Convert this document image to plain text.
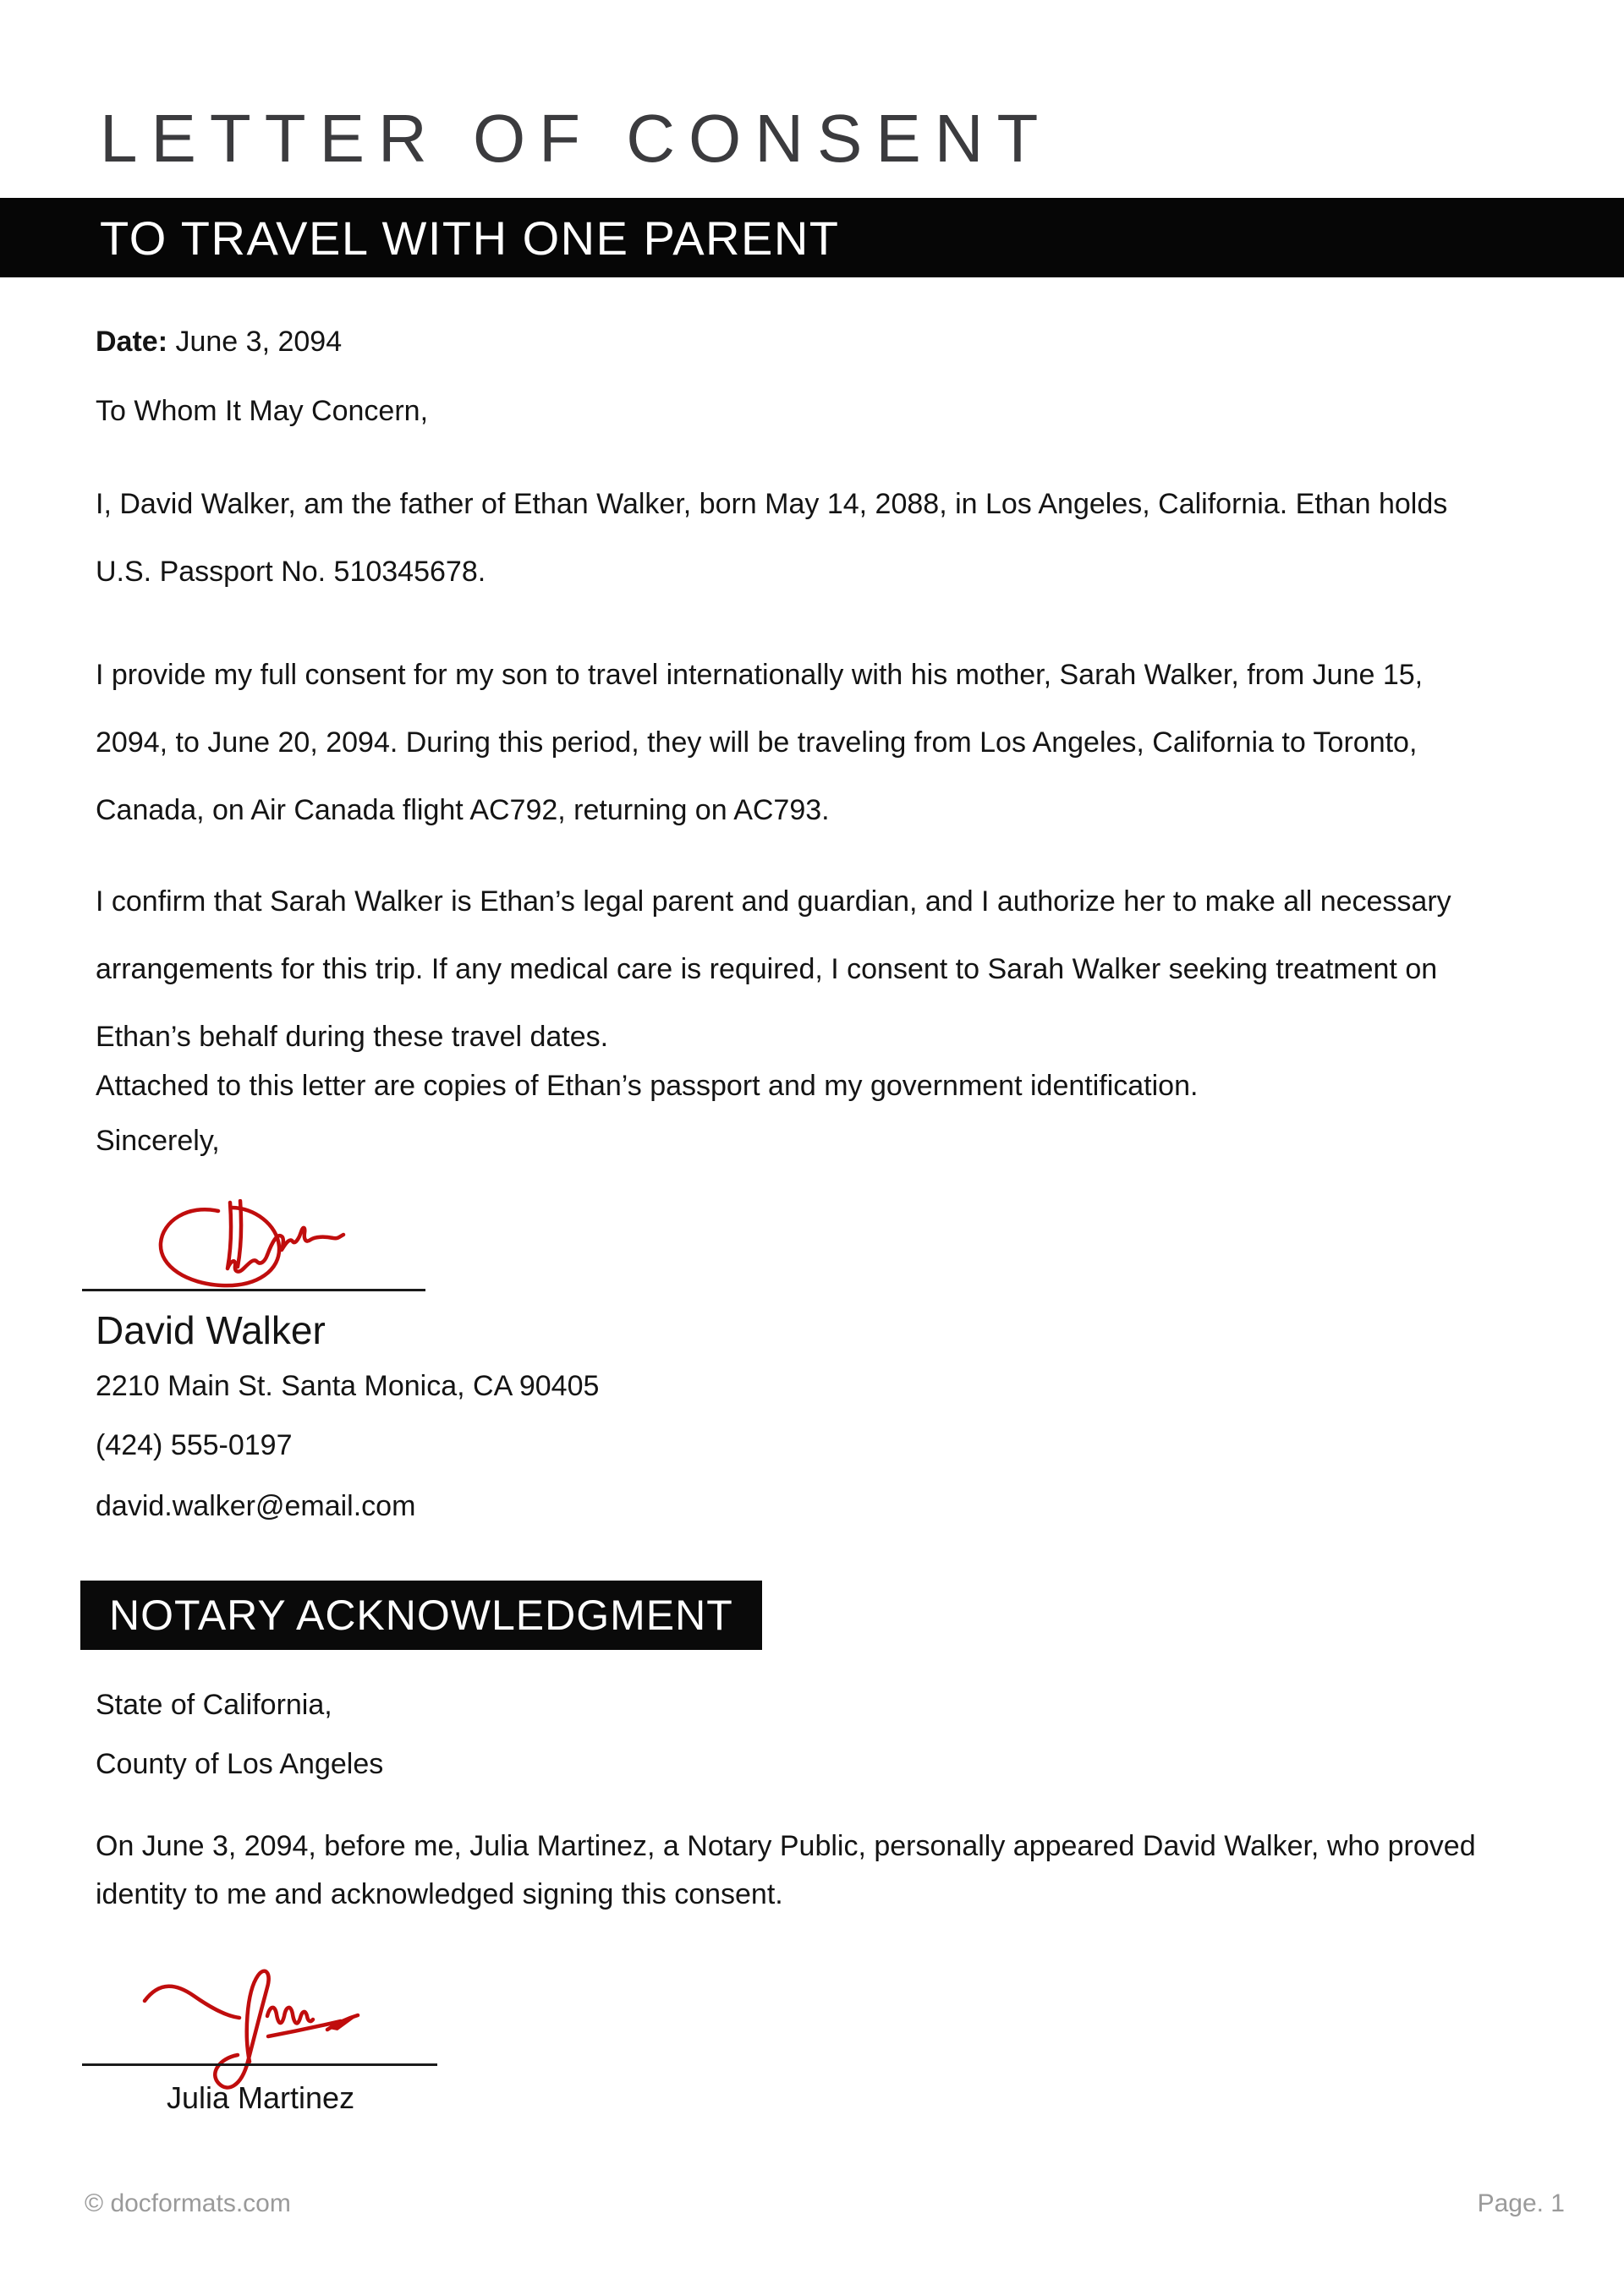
LETTER OF CONSENT
TO TRAVEL WITH ONE PARENT
Date: June 3, 2094
To Whom It May Concern,
I, David Walker, am the father of Ethan Walker, born May 14, 2088, in Los Angeles, California. Ethan holds
U.S. Passport No. 510345678.
I provide my full consent for my son to travel internationally with his mother, Sarah Walker, from June 15,
2094, to June 20, 2094. During this period, they will be traveling from Los Angeles, California to Toronto,
Canada, on Air Canada flight AC792, returning on AC793.
I confirm that Sarah Walker is Ethan’s legal parent and guardian, and I authorize her to make all necessary
arrangements for this trip. If any medical care is required, I consent to Sarah Walker seeking treatment on
Ethan’s behalf during these travel dates.
Attached to this letter are copies of Ethan’s passport and my government identification.
Sincerely,
David Walker
2210 Main St. Santa Monica, CA 90405
(424) 555-0197
david.walker@email.com
NOTARY ACKNOWLEDGMENT
State of California,
County of Los Angeles
On June 3, 2094, before me, Julia Martinez, a Notary Public, personally appeared David Walker, who proved
identity to me and acknowledged signing this consent.
Julia Martinez
© docformats.com	Page. 1
